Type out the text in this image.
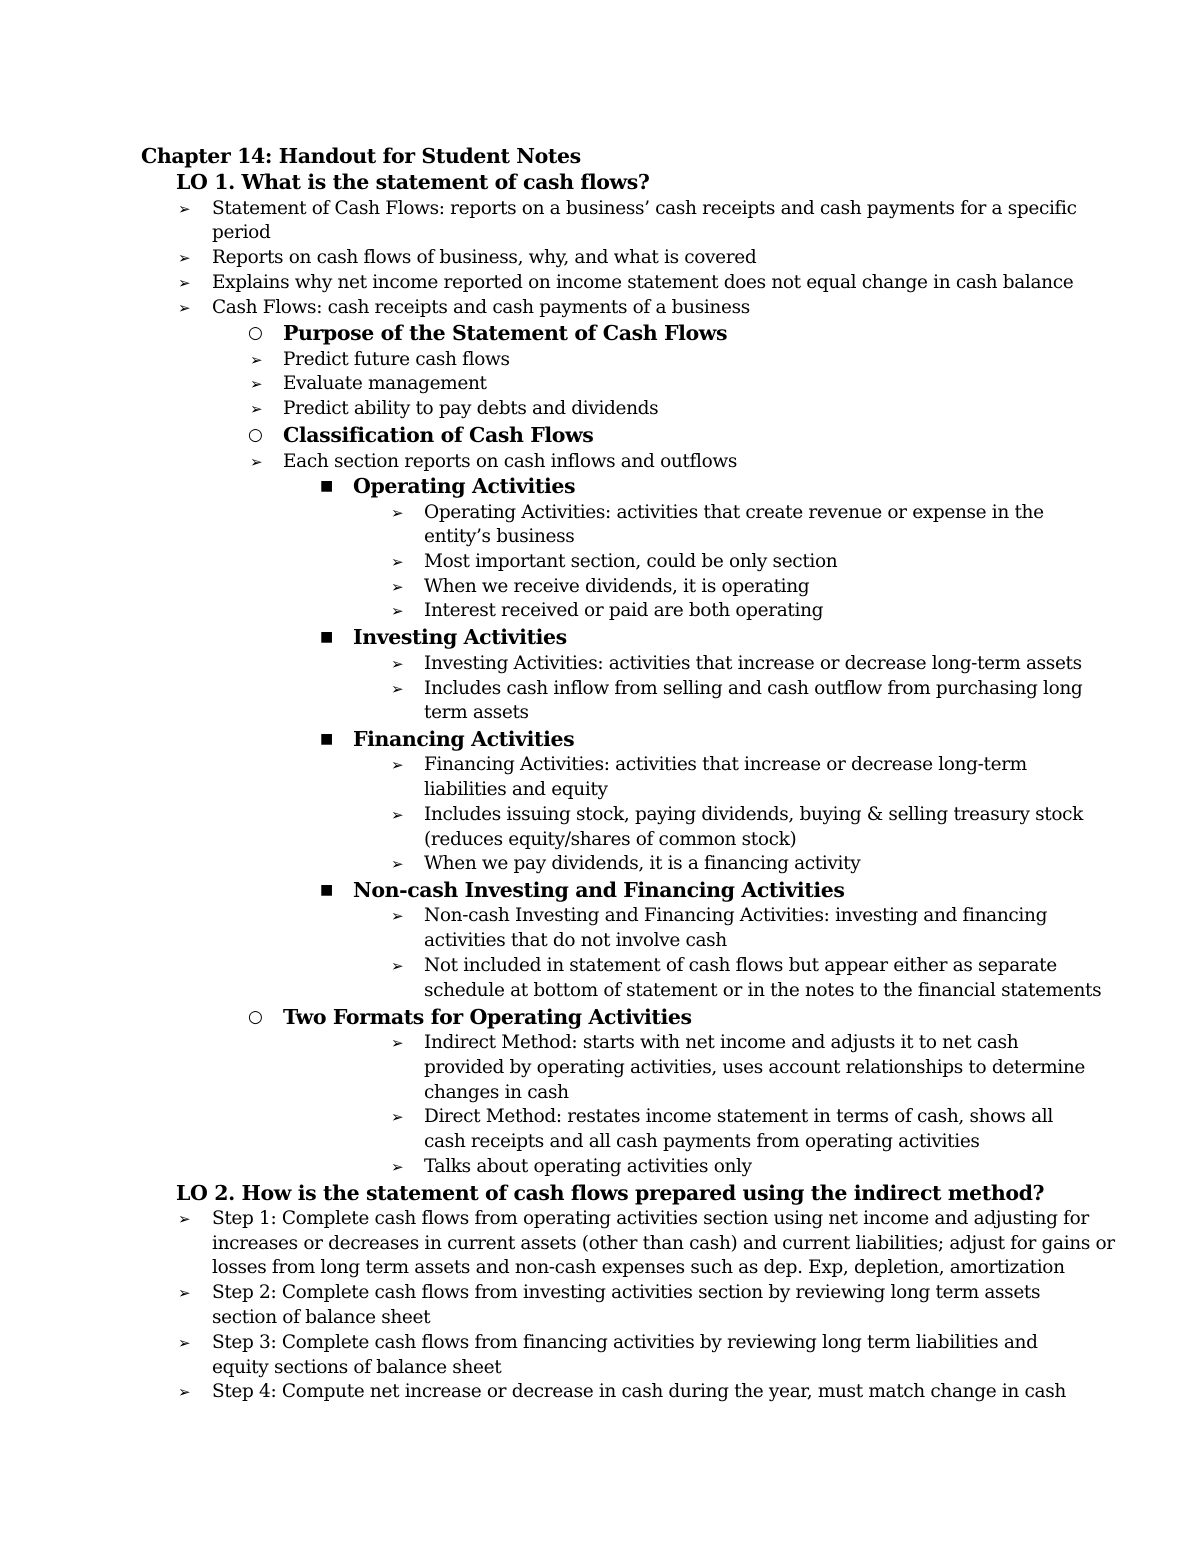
Chapter 14: Handout for Student Notes
LO 1. What is the statement of cash flows?
➢ Statement of Cash Flows: reports on a business’ cash receipts and cash payments for a specific
period
➢ Reports on cash flows of business, why, and what is covered
➢ Explains why net income reported on income statement does not equal change in cash balance
➢ Cash Flows: cash receipts and cash payments of a business
○ Purpose of the Statement of Cash Flows
➢ Predict future cash flows
➢ Evaluate management
➢ Predict ability to pay debts and dividends
○ Classification of Cash Flows
➢ Each section reports on cash inflows and outflows
■ Operating Activities
➢ Operating Activities: activities that create revenue or expense in the
entity’s business
➢ Most important section, could be only section
➢ When we receive dividends, it is operating
➢ Interest received or paid are both operating
■ Investing Activities
➢ Investing Activities: activities that increase or decrease long-term assets
➢ Includes cash inflow from selling and cash outflow from purchasing long
term assets
■ Financing Activities
➢ Financing Activities: activities that increase or decrease long-term
liabilities and equity
➢ Includes issuing stock, paying dividends, buying & selling treasury stock
(reduces equity/shares of common stock)
➢ When we pay dividends, it is a financing activity
■ Non-cash Investing and Financing Activities
➢ Non-cash Investing and Financing Activities: investing and financing
activities that do not involve cash
➢ Not included in statement of cash flows but appear either as separate
schedule at bottom of statement or in the notes to the financial statements
○ Two Formats for Operating Activities
➢ Indirect Method: starts with net income and adjusts it to net cash
provided by operating activities, uses account relationships to determine
changes in cash
➢ Direct Method: restates income statement in terms of cash, shows all
cash receipts and all cash payments from operating activities
➢ Talks about operating activities only
LO 2. How is the statement of cash flows prepared using the indirect method?
➢ Step 1: Complete cash flows from operating activities section using net income and adjusting for
increases or decreases in current assets (other than cash) and current liabilities; adjust for gains or
losses from long term assets and non-cash expenses such as dep. Exp, depletion, amortization
➢ Step 2: Complete cash flows from investing activities section by reviewing long term assets
section of balance sheet
➢ Step 3: Complete cash flows from financing activities by reviewing long term liabilities and
equity sections of balance sheet
➢ Step 4: Compute net increase or decrease in cash during the year, must match change in cash
